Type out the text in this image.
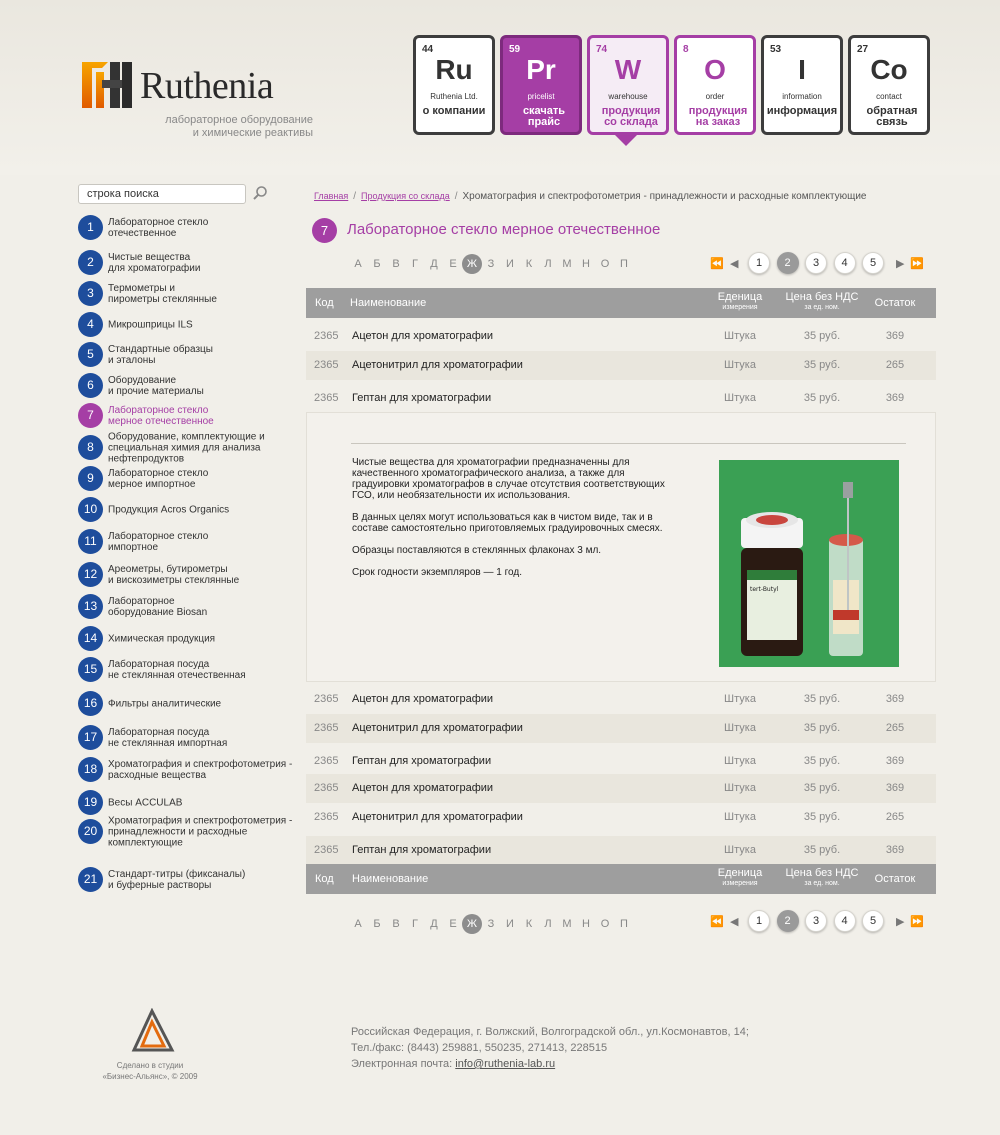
Ruthenia
лабораторное оборудование
и химические реактивы
44
Ru
Ruthenia Ltd.
о компании
59
Pr
pricelist
скачать прайс
74
W
warehouse
продукция со склада
8
O
order
продукция на заказ
53
I
information
информация
27
Co
contact
обратная связь
строка поиска
1	Лабораторное стекло
отечественное
2	Чистые вещества
для хроматографии
3	Термометры и
пирометры стеклянные
4	Микрошприцы ILS
5	Стандартные образцы
и эталоны
6	Оборудование
и прочие материалы
7	Лабораторное стекло
мерное отечественное
8
Оборудование, комплектующие и
специальная химия для анализа
нефтепродуктов
9	Лабораторное стекло
мерное импортное
10	Продукция Acros Organics
11	Лабораторное стекло
импортное
12	Ареометры, бутирометры
и вискозиметры стеклянные
13	Лабораторное
оборудование Biosan
14	Химическая продукция
15	Лабораторная посуда
не стеклянная отечественная
16	Фильтры аналитические
17	Лабораторная посуда
не стеклянная импортная
18	Хроматография и спектрофотометрия -
расходные вещества
19	Весы ACCULAB
20
Хроматография и спектрофотометрия -
принадлежности и расходные
комплектующие
21	Стандарт-титры (фиксаналы)
и буферные растворы
Главная / Продукция со склада / Хроматография и спектрофотометрия - принадлежности и расходные комплектующие
7	Лабораторное стекло мерное отечественное
А	Б	В	Г	Д	Е Ж З	И	К	Л М Н О П	⏪ ◀	1	2	3	4	5	▶ ⏩
Код Наименование	Еденица
измерения
Цена без НДС
за ед. ном.	Остаток
2365 Ацетон для хроматографии	Штука	35 руб.	369
2365 Ацетонитрил для хроматографии	Штука	35 руб.	265
2365 Гептан для хроматографии	Штука	35 руб.	369

Чистые вещества для хроматографии предназначенны для качественного хроматографического анализа, а также для градуировки хроматографов в случае отсутствия соответствующих ГСО, или необязательности их использования.

В данных целях могут использоваться как в чистом виде, так и в составе самостоятельно приготовляемых градуировочных смесях.

Образцы поставляются в стеклянных флаконах 3 мл.

Срок годности экземпляров — 1 год.

tert-Butyl
2365 Ацетон для хроматографии	Штука	35 руб.	369
2365 Ацетонитрил для хроматографии	Штука	35 руб.	265
2365 Гептан для хроматографии	Штука	35 руб.	369
2365 Ацетон для хроматографии	Штука	35 руб.	369
2365 Ацетонитрил для хроматографии	Штука	35 руб.	265
2365 Гептан для хроматографии	Штука	35 руб.	369
Код Наименование	Еденица
измерения
Цена без НДС
за ед. ном.	Остаток
А	Б	В	Г	Д	Е Ж З	И	К	Л М Н О П	⏪ ◀	1	2	3	4	5	▶ ⏩
Сделано в студии
«Бизнес-Альянс», © 2009
Российская Федерация, г. Волжский, Волгоградской обл., ул.Космонавтов, 14;
Тел./факс: (8443) 259881, 550235, 271413, 228515
Электронная почта: info@ruthenia-lab.ru
